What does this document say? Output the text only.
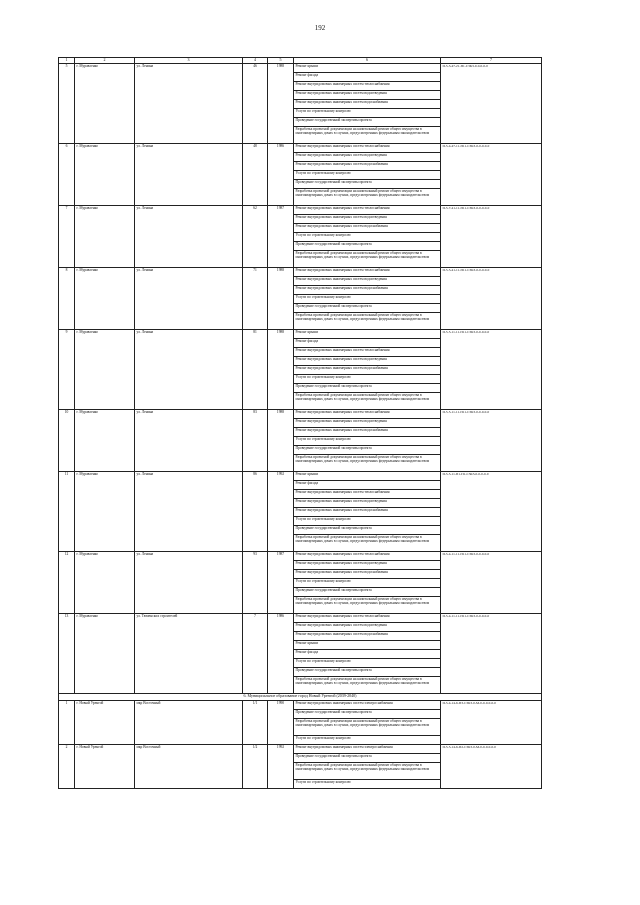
192
1	2	3	4	5	6	7
5	г. Муравленко	ул. Ленина	46	1988	Ремонт крыши	II-5-3-47-21-П1-С3К3-0-0-0-0-0
					Ремонт фасада	
					Ремонт внутридомовых инженерных систем теплоснабжения	
					Ремонт внутридомовых инженерных систем водоотведения	
					Ремонт внутридомовых инженерных систем водоснабжения	
					Услуги по строительному контролю	
					Проведение государственной экспертизы проекта	
					Разработка проектной документации на капитальный ремонт общего имущества в многоквартирных домах в случаях, предусмотренных федеральным законодательством	
6	г. Муравленко	ул. Ленина	48	1986	Ремонт внутридомовых инженерных систем теплоснабжения	II-5-4-47-11-П11-С3К3-0-0-0-0-0
					Ремонт внутридомовых инженерных систем водоотведения	
					Ремонт внутридомовых инженерных систем водоснабжения	
					Услуги по строительному контролю	
					Проведение государственной экспертизы проекта	
					Разработка проектной документации на капитальный ремонт общего имущества в многоквартирных домах в случаях, предусмотренных федеральным законодательством	
7	г. Муравленко	ул. Ленина	62	1987	Ремонт внутридомовых инженерных систем теплоснабжения	II-5-7-41-11-П11-С3К3-0-0-0-0-0
					Ремонт внутридомовых инженерных систем водоотведения	
					Ремонт внутридомовых инженерных систем водоснабжения	
					Услуги по строительному контролю	
					Проведение государственной экспертизы проекта	
					Разработка проектной документации на капитальный ремонт общего имущества в многоквартирных домах в случаях, предусмотренных федеральным законодательством	
8	г. Муравленко	ул. Ленина	71	1988	Ремонт внутридомовых инженерных систем теплоснабжения	II-5-5-41-11-П11-С3К3-0-0-0-0-0
					Ремонт внутридомовых инженерных систем водоотведения	
					Ремонт внутридомовых инженерных систем водоснабжения	
					Услуги по строительному контролю	
					Проведение государственной экспертизы проекта	
					Разработка проектной документации на капитальный ремонт общего имущества в многоквартирных домах в случаях, предусмотренных федеральным законодательством	
9	г. Муравленко	ул. Ленина	81	1988	Ремонт крыши	II-5-5-11-11-П11-С3К3-0-0-0-0-0
					Ремонт фасада	
					Ремонт внутридомовых инженерных систем теплоснабжения	
					Ремонт внутридомовых инженерных систем водоотведения	
					Ремонт внутридомовых инженерных систем водоснабжения	
					Услуги по строительному контролю	
					Проведение государственной экспертизы проекта	
					Разработка проектной документации на капитальный ремонт общего имущества в многоквартирных домах в случаях, предусмотренных федеральным законодательством	
10	г. Муравленко	ул. Ленина	83	1988	Ремонт внутридомовых инженерных систем теплоснабжения	II-5-5-11-11-П11-С3К3-0-0-0-0-0
					Ремонт внутридомовых инженерных систем водоотведения	
					Ремонт внутридомовых инженерных систем водоснабжения	
					Услуги по строительному контролю	
					Проведение государственной экспертизы проекта	
					Разработка проектной документации на капитальный ремонт общего имущества в многоквартирных домах в случаях, предусмотренных федеральным законодательством	
11	г. Муравленко	ул. Ленина	86	1992	Ремонт крыши	II-5-5-11-П1-П1-С3К3-0-0-0-0-0
					Ремонт фасада	
					Ремонт внутридомовых инженерных систем теплоснабжения	
					Ремонт внутридомовых инженерных систем водоотведения	
					Ремонт внутридомовых инженерных систем водоснабжения	
					Услуги по строительному контролю	
					Проведение государственной экспертизы проекта	
					Разработка проектной документации на капитальный ремонт общего имущества в многоквартирных домах в случаях, предусмотренных федеральным законодательством	
12	г. Муравленко	ул. Ленина	93	1987	Ремонт внутридомовых инженерных систем теплоснабжения	II-5-4-11-11-П11-С3К3-0-0-0-0-0
					Ремонт внутридомовых инженерных систем водоотведения	
					Ремонт внутридомовых инженерных систем водоснабжения	
					Услуги по строительному контролю	
					Проведение государственной экспертизы проекта	
					Разработка проектной документации на капитальный ремонт общего имущества в многоквартирных домах в случаях, предусмотренных федеральным законодательством	
13	г. Муравленко	ул. Тюменских строителей	7	1986	Ремонт внутридомовых инженерных систем теплоснабжения	II-5-4-11-11-П11-С3К3-0-0-0-0-0
					Ремонт внутридомовых инженерных систем водоотведения	
					Ремонт внутридомовых инженерных систем водоснабжения	
					Ремонт крыши	
					Ремонт фасада	
					Услуги по строительному контролю	
					Проведение государственной экспертизы проекта	
					Разработка проектной документации на капитальный ремонт общего имущества в многоквартирных домах в случаях, предусмотренных федеральным законодательством	
6. Муниципальное образование город Новый Уренгой (2039-2040)						
1	г. Новый Уренгой	мкр Восточный	1/1	1990	Ремонт внутридомовых инженерных систем электроснабжения	II-5-4-14-6-П3-С3К3-0-М-0-0-0-0-0-0
					Проведение государственной экспертизы проекта	
					Разработка проектной документации на капитальный ремонт общего имущества в многоквартирных домах в случаях, предусмотренных федеральным законодательством	
					Услуги по строительному контролю	
2	г. Новый Уренгой	мкр Восточный	1/2	1992	Ремонт внутридомовых инженерных систем электроснабжения	II-5-5-14-6-П2-С3К3-0-М-0-0-0-0-0-0
					Проведение государственной экспертизы проекта	
					Разработка проектной документации на капитальный ремонт общего имущества в многоквартирных домах в случаях, предусмотренных федеральным законодательством	
					Услуги по строительному контролю	
